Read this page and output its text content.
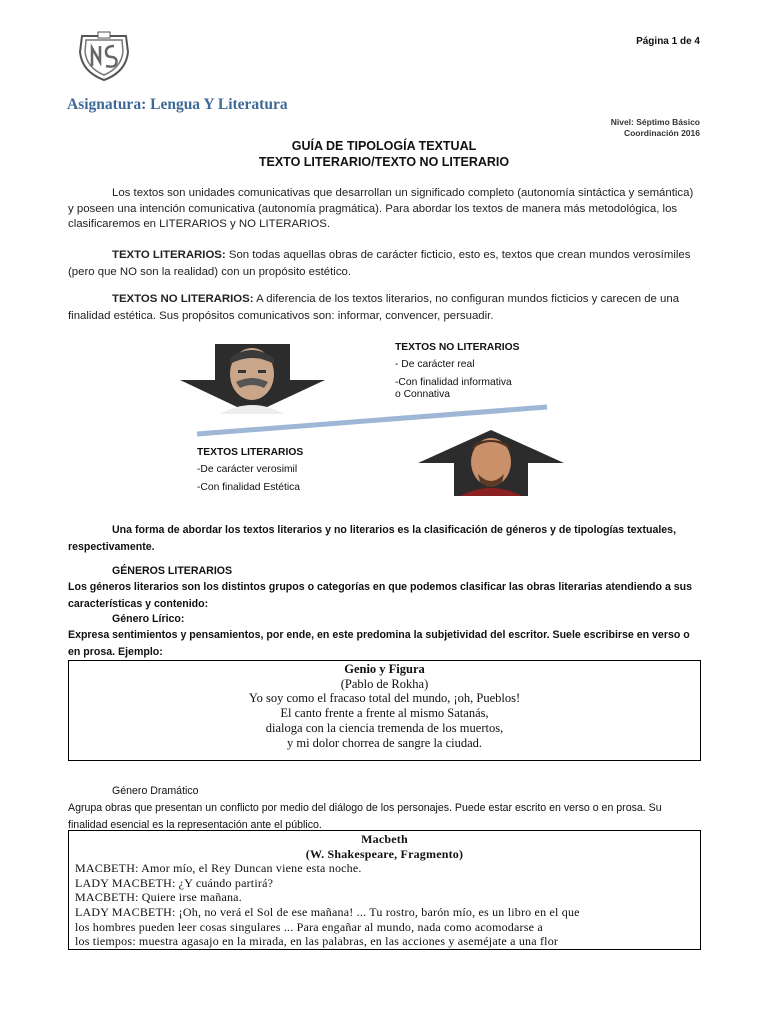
Página 1 de 4
Asignatura: Lengua Y Literatura
Nivel: Séptimo Básico
Coordinación 2016
GUÍA DE TIPOLOGÍA TEXTUAL
TEXTO LITERARIO/TEXTO NO LITERARIO
Los textos son unidades comunicativas que desarrollan un significado completo (autonomía sintáctica y semántica) y poseen una intención comunicativa (autonomía pragmática). Para abordar los textos de manera más metodológica, los clasificaremos en LITERARIOS y NO LITERARIOS.
TEXTO LITERARIOS: Son todas aquellas obras de carácter ficticio, esto es, textos que crean mundos verosímiles (pero que NO son la realidad) con un propósito estético.
TEXTOS NO LITERARIOS: A diferencia de los textos literarios, no configuran mundos ficticios y carecen de una finalidad estética. Sus propósitos comunicativos son: informar, convencer, persuadir.
TEXTOS NO LITERARIOS
- De carácter real
-Con finalidad informativa
o Connativa
TEXTOS LITERARIOS
-De carácter verosimil
-Con finalidad Estética
Una forma de abordar los textos literarios y no literarios es la clasificación de géneros y de tipologías textuales, respectivamente.
GÉNEROS LITERARIOS
Los géneros literarios son los distintos grupos o categorías en que podemos clasificar las obras literarias atendiendo a sus características y contenido:
Género Lírico:
Expresa sentimientos y pensamientos, por ende, en este predomina la subjetividad del escritor. Suele escribirse en verso o en prosa. Ejemplo:
Genio y Figura
(Pablo de Rokha)
Yo soy como el fracaso total del mundo, ¡oh, Pueblos!
El canto frente a frente al mismo Satanás,
dialoga con la ciencia tremenda de los muertos,
y mi dolor chorrea de sangre la ciudad.
Género Dramático
Agrupa obras que presentan un conflicto por medio del diálogo de los personajes. Puede estar escrito en verso o en prosa. Su finalidad esencial es la representación ante el público.
Macbeth
(W. Shakespeare, Fragmento)
MACBETH: Amor mío, el Rey Duncan viene esta noche.
LADY MACBETH: ¿Y cuándo partirá?
MACBETH: Quiere irse mañana.
LADY MACBETH: ¡Oh, no verá el Sol de ese mañana! ... Tu rostro, barón mío, es un libro en el que
los hombres pueden leer cosas singulares ... Para engañar al mundo, nada como acomodarse a
los tiempos: muestra agasajo en la mirada, en las palabras, en las acciones y aseméjate a una flor
